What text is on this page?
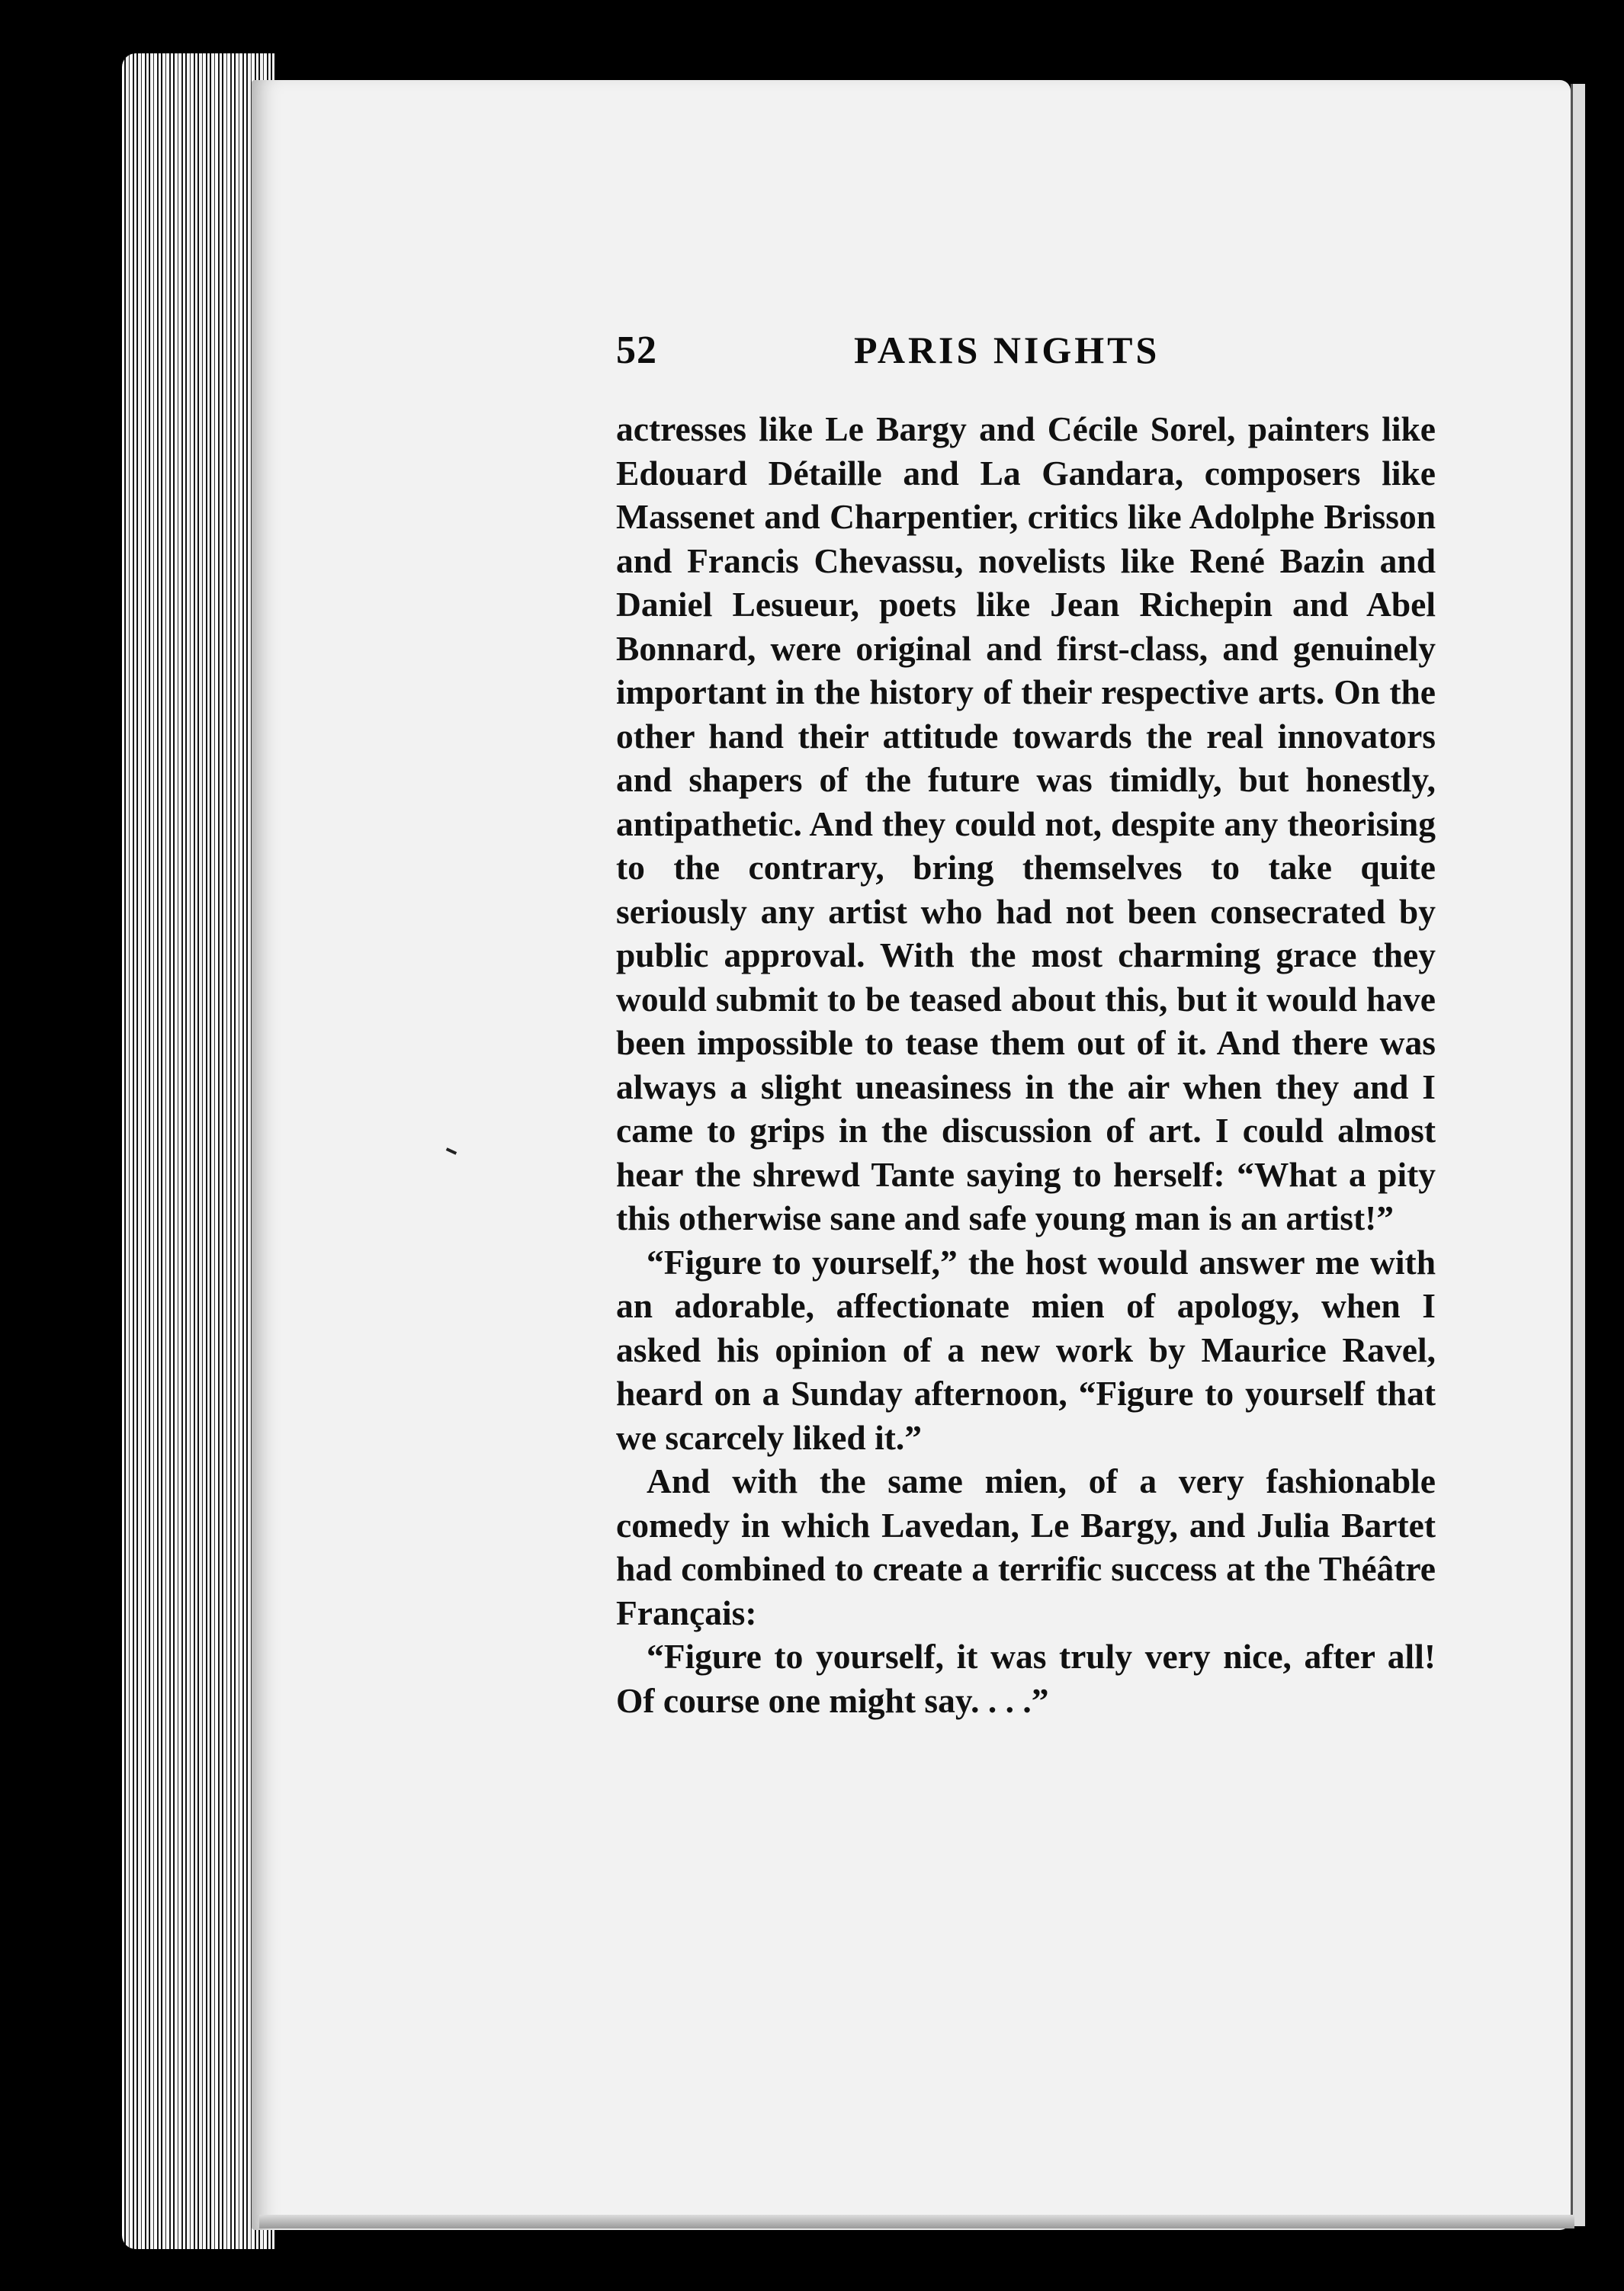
52	PARIS NIGHTS

actresses like Le Bargy and Cécile Sorel, painters like Edouard Détaille and La Gandara, composers like Massenet and Charpentier, critics like Adolphe Brisson and Francis Chevassu, novelists like René Bazin and Daniel Lesueur, poets like Jean Richepin and Abel Bonnard, were original and first-class, and genuinely important in the history of their respective arts. On the other hand their attitude towards the real innovators and shapers of the future was timidly, but honestly, antipathetic. And they could not, despite any theorising to the contrary, bring themselves to take quite seriously any artist who had not been consecrated by public approval. With the most charming grace they would submit to be teased about this, but it would have been impossible to tease them out of it. And there was always a slight uneasiness in the air when they and I came to grips in the discussion of art. I could almost hear the shrewd Tante saying to herself: “What a pity this otherwise sane and safe young man is an artist!”

“Figure to yourself,” the host would answer me with an adorable, affectionate mien of apology, when I asked his opinion of a new work by Maurice Ravel, heard on a Sunday afternoon, “Figure to yourself that we scarcely liked it.”

And with the same mien, of a very fashionable comedy in which Lavedan, Le Bargy, and Julia Bartet had combined to create a terrific success at the Théâtre Français:

“Figure to yourself, it was truly very nice, after all! Of course one might say. . . .”
